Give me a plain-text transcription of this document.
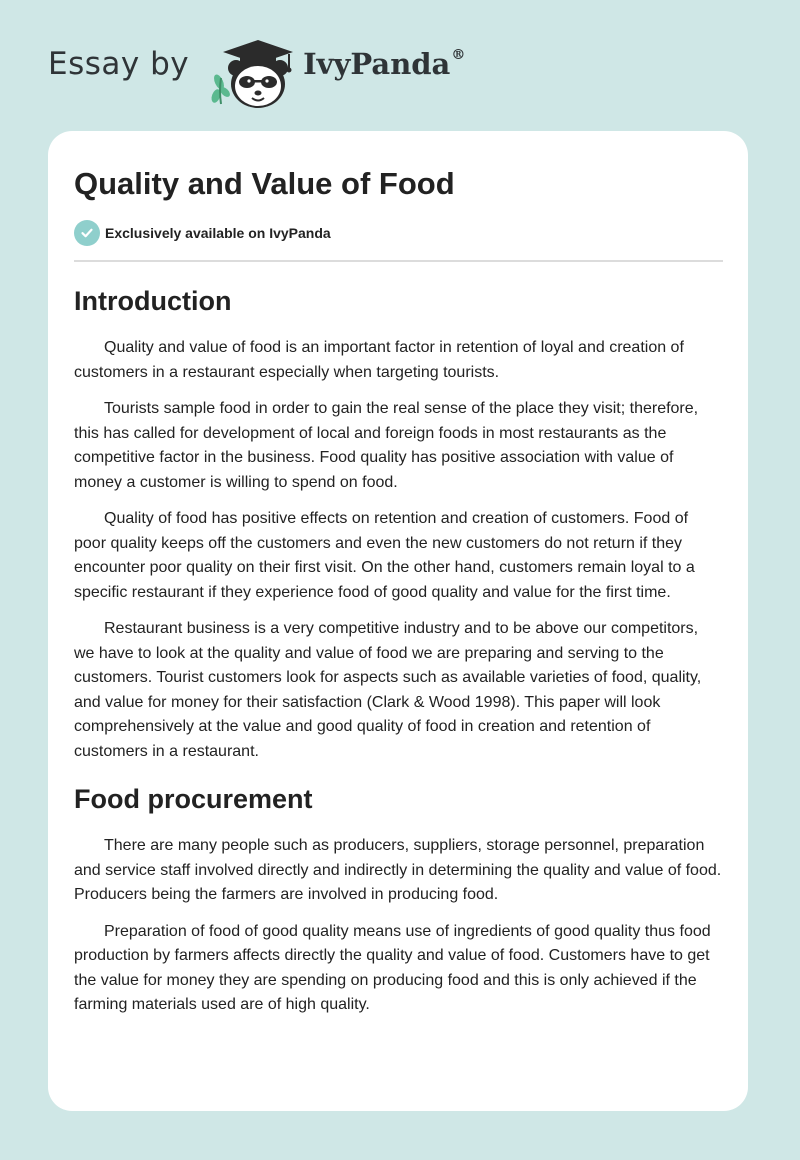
Essay by	IvyPanda®
Quality and Value of Food
Exclusively available on IvyPanda
Introduction

Quality and value of food is an important factor in retention of loyal and creation of customers in a restaurant especially when targeting tourists.

Tourists sample food in order to gain the real sense of the place they visit; therefore, this has called for development of local and foreign foods in most restaurants as the competitive factor in the business. Food quality has positive association with value of money a customer is willing to spend on food.

Quality of food has positive effects on retention and creation of customers. Food of poor quality keeps off the customers and even the new customers do not return if they encounter poor quality on their first visit. On the other hand, customers remain loyal to a specific restaurant if they experience food of good quality and value for the first time.

Restaurant business is a very competitive industry and to be above our competitors, we have to look at the quality and value of food we are preparing and serving to the customers. Tourist customers look for aspects such as available varieties of food, quality, and value for money for their satisfaction (Clark & Wood 1998). This paper will look comprehensively at the value and good quality of food in creation and retention of customers in a restaurant.

Food procurement

There are many people such as producers, suppliers, storage personnel, preparation and service staff involved directly and indirectly in determining the quality and value of food. Producers being the farmers are involved in producing food.

Preparation of food of good quality means use of ingredients of good quality thus food production by farmers affects directly the quality and value of food. Customers have to get the value for money they are spending on producing food and this is only achieved if the farming materials used are of high quality.
